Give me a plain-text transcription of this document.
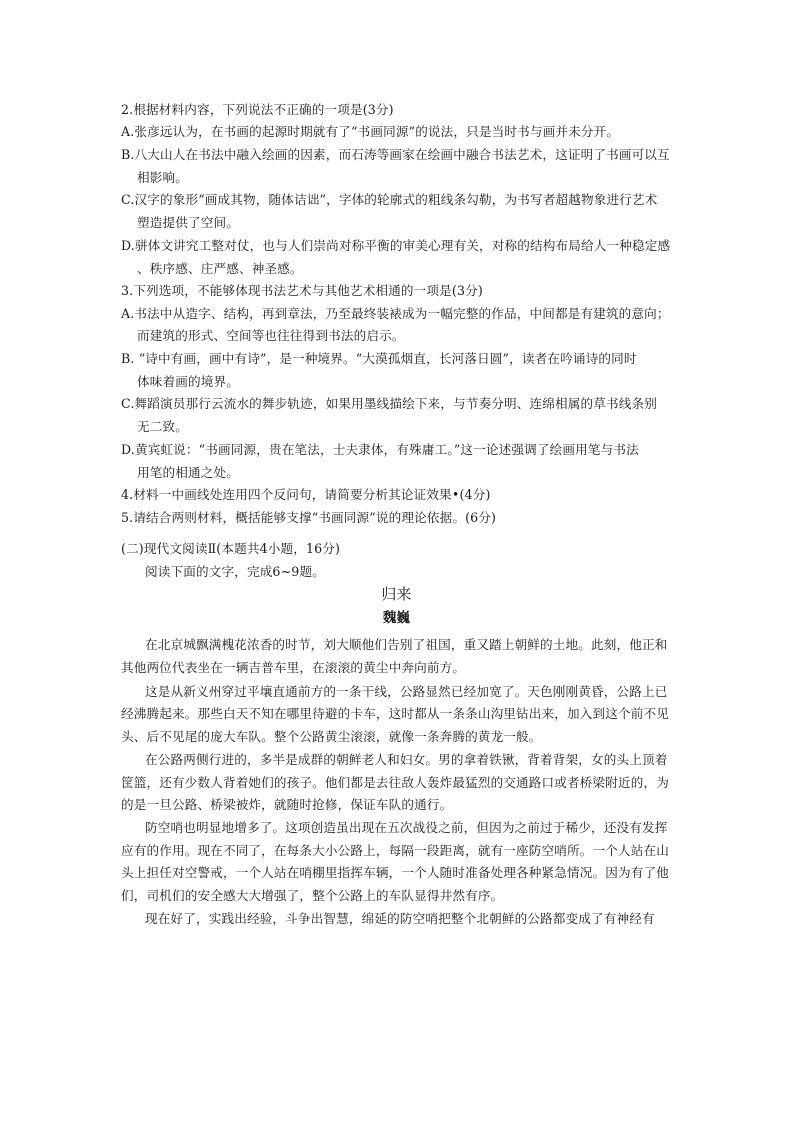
2.根据材料内容，下列说法不正确的一项是(3分)

A.张彦远认为，在书画的起源时期就有了“书画同源”的说法，只是当时书与画并未分开。

B.八大山人在书法中融入绘画的因素，而石涛等画家在绘画中融合书法艺术，这证明了书画可以互

相影响。

C.汉字的象形“画成其物，随体诘诎”，字体的轮廓式的粗线条勾勒，为书写者超越物象进行艺术

塑造提供了空间。

D.骈体文讲究工整对仗，也与人们崇尚对称平衡的审美心理有关，对称的结构布局给人一种稳定感

、秩序感、庄严感、神圣感。

3.下列选项，不能够体现书法艺术与其他艺术相通的一项是(3分)

A.书法中从造字、结构，再到章法，乃至最终装裱成为一幅完整的作品，中间都是有建筑的意向；

而建筑的形式、空间等也往往得到书法的启示。

B. “诗中有画，画中有诗”，是一种境界。“大漠孤烟直，长河落日圆”，读者在吟诵诗的同时

体味着画的境界。

C.舞蹈演员那行云流水的舞步轨迹，如果用墨线描绘下来，与节奏分明、连绵相属的草书线条别

无二致。

D.黄宾虹说：“书画同源，贵在笔法，士夫隶体，有殊庸工。”这一论述强调了绘画用笔与书法

用笔的相通之处。

4.材料一中画线处连用四个反问句，请简要分析其论证效果•(4分)

5.请结合两则材料，概括能够支撑“书画同源”说的理论依据。(6分)

(二)现代文阅读Ⅱ(本题共4小题，16分)

阅读下面的文字，完成6~9题。

归来

魏巍

在北京城飘满槐花浓香的时节，刘大顺他们告别了祖国，重又踏上朝鲜的土地。此刻，他正和

其他两位代表坐在一辆吉普车里，在滚滚的黄尘中奔向前方。

这是从新义州穿过平壤直通前方的一条干线，公路显然已经加宽了。天色刚刚黄昏，公路上已

经沸腾起来。那些白天不知在哪里待避的卡车，这时都从一条条山沟里钻出来，加入到这个前不见

头、后不见尾的庞大车队。整个公路黄尘滚滚，就像一条奔腾的黄龙一般。

在公路两侧行进的，多半是成群的朝鲜老人和妇女。男的拿着铁锹，背着背架，女的头上顶着

筐篮，还有少数人背着她们的孩子。他们都是去往敌人轰炸最猛烈的交通路口或者桥梁附近的，为

的是一旦公路、桥梁被炸，就随时抢修，保证车队的通行。

防空哨也明显地增多了。这项创造虽出现在五次战役之前，但因为之前过于稀少，还没有发挥

应有的作用。现在不同了，在每条大小公路上，每隔一段距离，就有一座防空哨所。一个人站在山

头上担任对空警戒，一个人站在哨棚里指挥车辆，一个人随时准备处理各种紧急情况。因为有了他

们，司机们的安全感大大增强了，整个公路上的车队显得井然有序。

现在好了，实践出经验，斗争出智慧，绵延的防空哨把整个北朝鲜的公路都变成了有神经有
